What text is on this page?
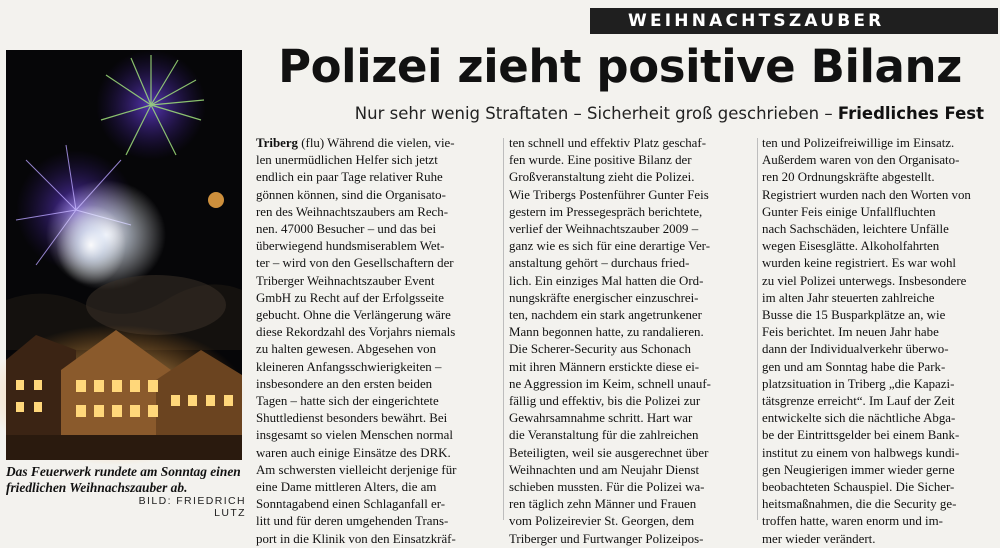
WEIHNACHTSZAUBER
Das Feuerwerk rundete am Sonntag einen friedlichen Weihnachszauber ab.
BILD: FRIEDRICH LUTZ
Polizei zieht positive Bilanz
Nur sehr wenig Straftaten – Sicherheit groß geschrieben – Friedliches Fest
Triberg (flu) Während die vielen, vie-
len unermüdlichen Helfer sich jetzt
endlich ein paar Tage relativer Ruhe
gönnen können, sind die Organisato-
ren des Weihnachtszaubers am Rech-
nen. 47000 Besucher – und das bei
überwiegend hundsmiserablem Wet-
ter – wird von den Gesellschaftern der
Triberger Weihnachtszauber Event
GmbH zu Recht auf der Erfolgsseite
gebucht. Ohne die Verlängerung wäre
diese Rekordzahl des Vorjahrs niemals
zu halten gewesen. Abgesehen von
kleineren Anfangsschwierigkeiten –
insbesondere an den ersten beiden
Tagen – hatte sich der eingerichtete
Shuttledienst besonders bewährt. Bei
insgesamt so vielen Menschen normal
waren auch einige Einsätze des DRK.
Am schwersten vielleicht derjenige für
eine Dame mittleren Alters, die am
Sonntagabend einen Schlaganfall er-
litt und für deren umgehenden Trans-
port in die Klinik von den Einsatzkräf-
ten schnell und effektiv Platz geschaf-
fen wurde. Eine positive Bilanz der
Großveranstaltung zieht die Polizei.
Wie Tribergs Postenführer Gunter Feis
gestern im Pressegespräch berichtete,
verlief der Weihnachtszauber 2009 –
ganz wie es sich für eine derartige Ver-
anstaltung gehört – durchaus fried-
lich. Ein einziges Mal hatten die Ord-
nungskräfte energischer einzuschrei-
ten, nachdem ein stark angetrunkener
Mann begonnen hatte, zu randalieren.
Die Scherer-Security aus Schonach
mit ihren Männern erstickte diese ei-
ne Aggression im Keim, schnell unauf-
fällig und effektiv, bis die Polizei zur
Gewahrsamnahme schritt. Hart war
die Veranstaltung für die zahlreichen
Beteiligten, weil sie ausgerechnet über
Weihnachten und am Neujahr Dienst
schieben mussten. Für die Polizei wa-
ren täglich zehn Männer und Frauen
vom Polizeirevier St. Georgen, dem
Triberger und Furtwanger Polizeipos-
ten und Polizeifreiwillige im Einsatz.
Außerdem waren von den Organisato-
ren 20 Ordnungskräfte abgestellt.
Registriert wurden nach den Worten von
Gunter Feis einige Unfallfluchten
nach Sachschäden, leichtere Unfälle
wegen Eisesglätte. Alkoholfahrten
wurden keine registriert. Es war wohl
zu viel Polizei unterwegs. Insbesondere
im alten Jahr steuerten zahlreiche
Busse die 15 Busparkplätze an, wie
Feis berichtet. Im neuen Jahr habe
dann der Individualverkehr überwo-
gen und am Sonntag habe die Park-
platzsituation in Triberg „die Kapazi-
tätsgrenze erreicht“. Im Lauf der Zeit
entwickelte sich die nächtliche Abga-
be der Eintrittsgelder bei einem Bank-
institut zu einem von halbwegs kundi-
gen Neugierigen immer wieder gerne
beobachteten Schauspiel. Die Sicher-
heitsmaßnahmen, die die Security ge-
troffen hatte, waren enorm und im-
mer wieder verändert.
